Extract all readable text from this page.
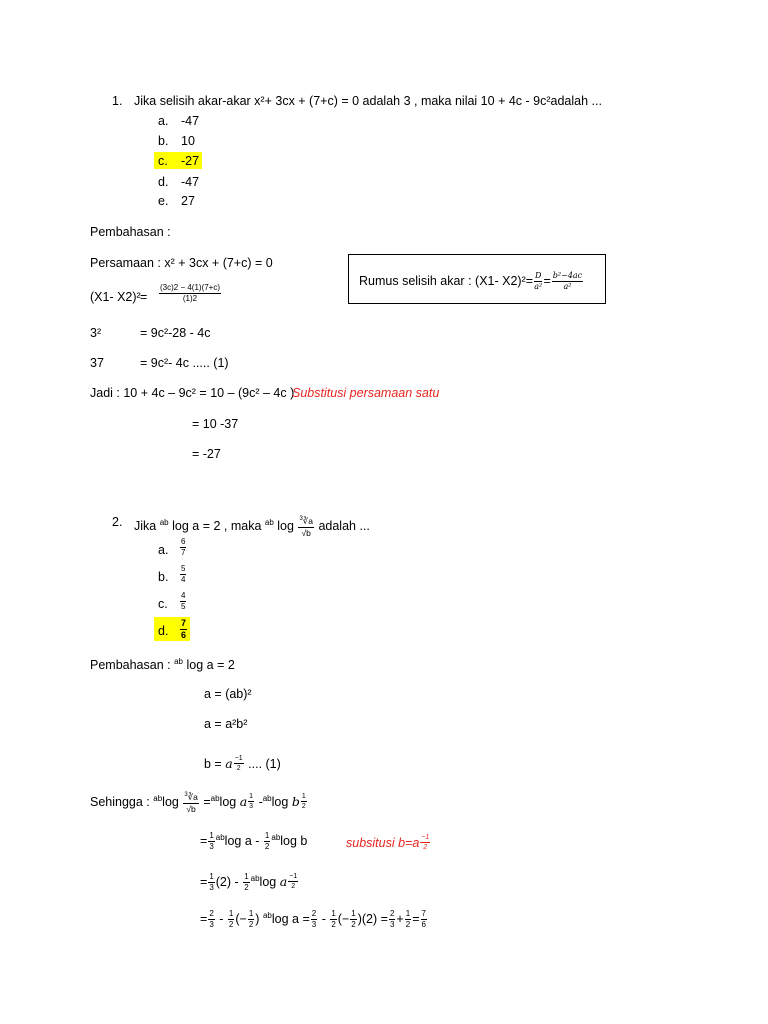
1. Jika selisih akar-akar x²+ 3cx + (7+c) = 0 adalah 3 , maka nilai 10 + 4c - 9c²adalah ...
a. -47
b. 10
c. -27
d. -47
e. 27
Pembahasan :
Persamaan : x² + 3cx + (7+c) = 0
(X1- $X2)^2 = \frac{(3c)2 - 4(1)(7+c)}{(1)2}$
3²	= 9c²-28 - 4c
37	= 9c²- 4c ..... (1)
Jadi : 10 + 4c – 9c² = 10 – (9c² – 4c )
Substitusi persamaan satu
= 10 -37
= -27
Rumus selisih akar : (X1- $X2)^2= \frac{D}{\text{a²}} = \frac{\text{b²−4ac}}{\text{a²}}$
2. Jika $^{ab}$ log a = 2 , maka $^{ab}$ $\log \frac{^3∛a}{√b}$ adalah ...
a. $\frac{6}{7}$
b. $\frac{5}{4}$
c. $\frac{4}{5}$
d. $\frac{7}{6}$
Pembahasan : $^{ab}$ log a = 2
a = (ab)²
a = a²b²
b = a $\frac{-1}{2}$ .... (1)
Sehingga : $^{ab}\log \frac{^3∛a}{√b} =^{ab}\log$ a $\frac{1}{3} -^{ab}\log$ b $\frac{1}{2}$
= $\frac{1}{3} ^{ab}\log$ a - $\frac{1}{2} ^{ab}\log$ b	subsitusi $b=a \frac{-1}{2}$
= $\frac{1}{3} (2) - \frac{1}{2} ^{ab}\log$ a $\frac{-1}{2}$
= $\frac{2}{3} - \frac{1}{2}$ (− $\frac{1}{2}$ ) $^{ab}$log $a = \frac{2}{3} - \frac{1}{2}$ (− $\frac{1}{2} )(2) = \frac{2}{3} + \frac{1}{2} = \frac{7}{6}$
